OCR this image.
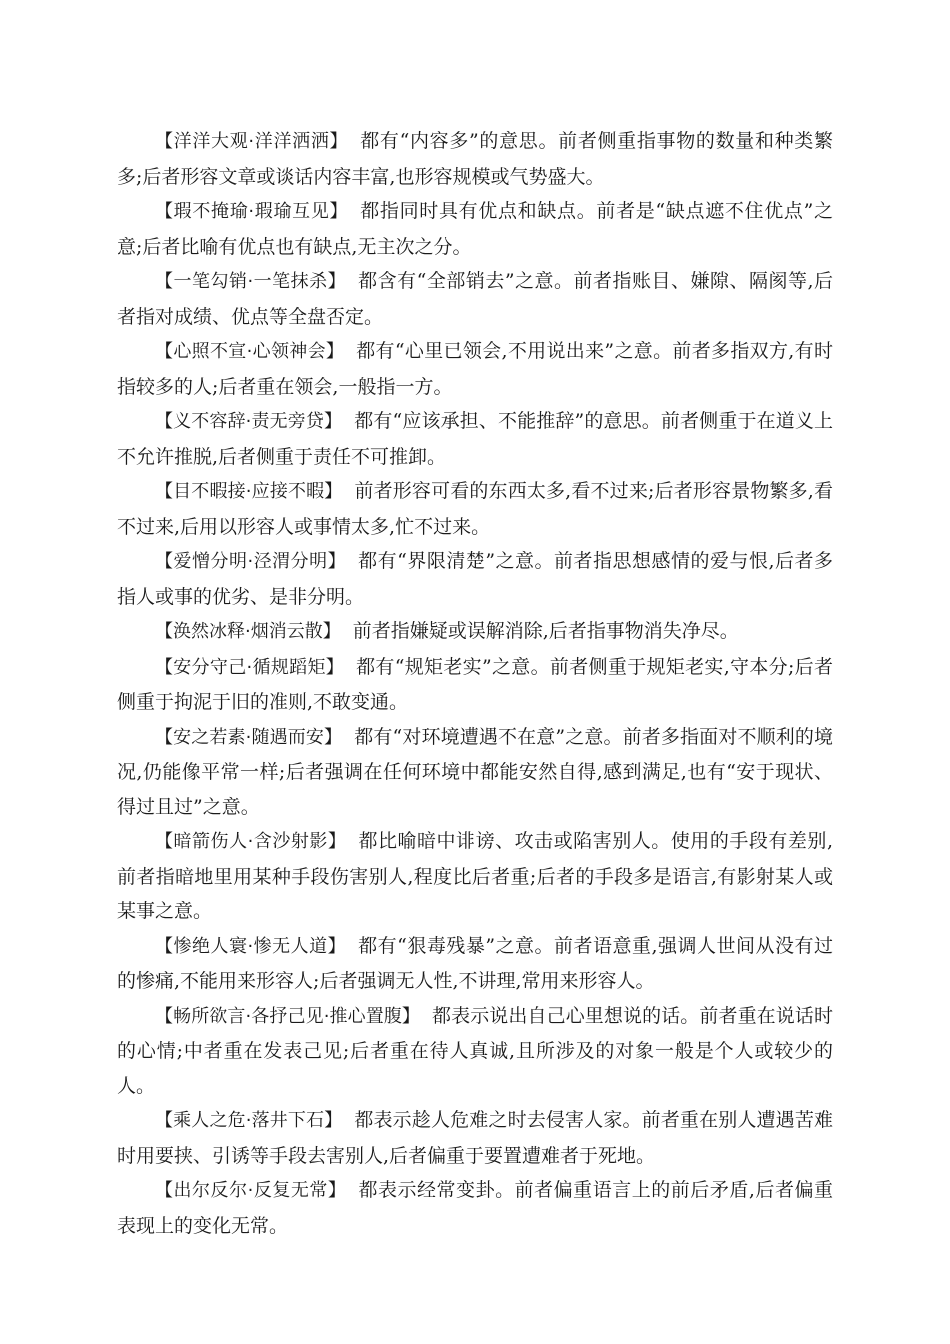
【洋洋大观·洋洋洒洒】 都有“内容多”的意思。前者侧重指事物的数量和种类繁多;后者形容文章或谈话内容丰富,也形容规模或气势盛大。

【瑕不掩瑜·瑕瑜互见】 都指同时具有优点和缺点。前者是“缺点遮不住优点”之意;后者比喻有优点也有缺点,无主次之分。

【一笔勾销·一笔抹杀】 都含有“全部销去”之意。前者指账目、嫌隙、隔阂等,后者指对成绩、优点等全盘否定。

【心照不宣·心领神会】 都有“心里已领会,不用说出来”之意。前者多指双方,有时指较多的人;后者重在领会,一般指一方。

【义不容辞·责无旁贷】 都有“应该承担、不能推辞”的意思。前者侧重于在道义上不允许推脱,后者侧重于责任不可推卸。

【目不暇接·应接不暇】 前者形容可看的东西太多,看不过来;后者形容景物繁多,看不过来,后用以形容人或事情太多,忙不过来。

【爱憎分明·泾渭分明】 都有“界限清楚”之意。前者指思想感情的爱与恨,后者多指人或事的优劣、是非分明。

【涣然冰释·烟消云散】 前者指嫌疑或误解消除,后者指事物消失净尽。

【安分守己·循规蹈矩】 都有“规矩老实”之意。前者侧重于规矩老实,守本分;后者侧重于拘泥于旧的准则,不敢变通。

【安之若素·随遇而安】 都有“对环境遭遇不在意”之意。前者多指面对不顺利的境况,仍能像平常一样;后者强调在任何环境中都能安然自得,感到满足,也有“安于现状、得过且过”之意。

【暗箭伤人·含沙射影】 都比喻暗中诽谤、攻击或陷害别人。使用的手段有差别,前者指暗地里用某种手段伤害别人,程度比后者重;后者的手段多是语言,有影射某人或某事之意。

【惨绝人寰·惨无人道】 都有“狠毒残暴”之意。前者语意重,强调人世间从没有过的惨痛,不能用来形容人;后者强调无人性,不讲理,常用来形容人。

【畅所欲言·各抒己见·推心置腹】 都表示说出自己心里想说的话。前者重在说话时的心情;中者重在发表己见;后者重在待人真诚,且所涉及的对象一般是个人或较少的人。

【乘人之危·落井下石】 都表示趁人危难之时去侵害人家。前者重在别人遭遇苦难时用要挟、引诱等手段去害别人,后者偏重于要置遭难者于死地。

【出尔反尔·反复无常】 都表示经常变卦。前者偏重语言上的前后矛盾,后者偏重表现上的变化无常。
